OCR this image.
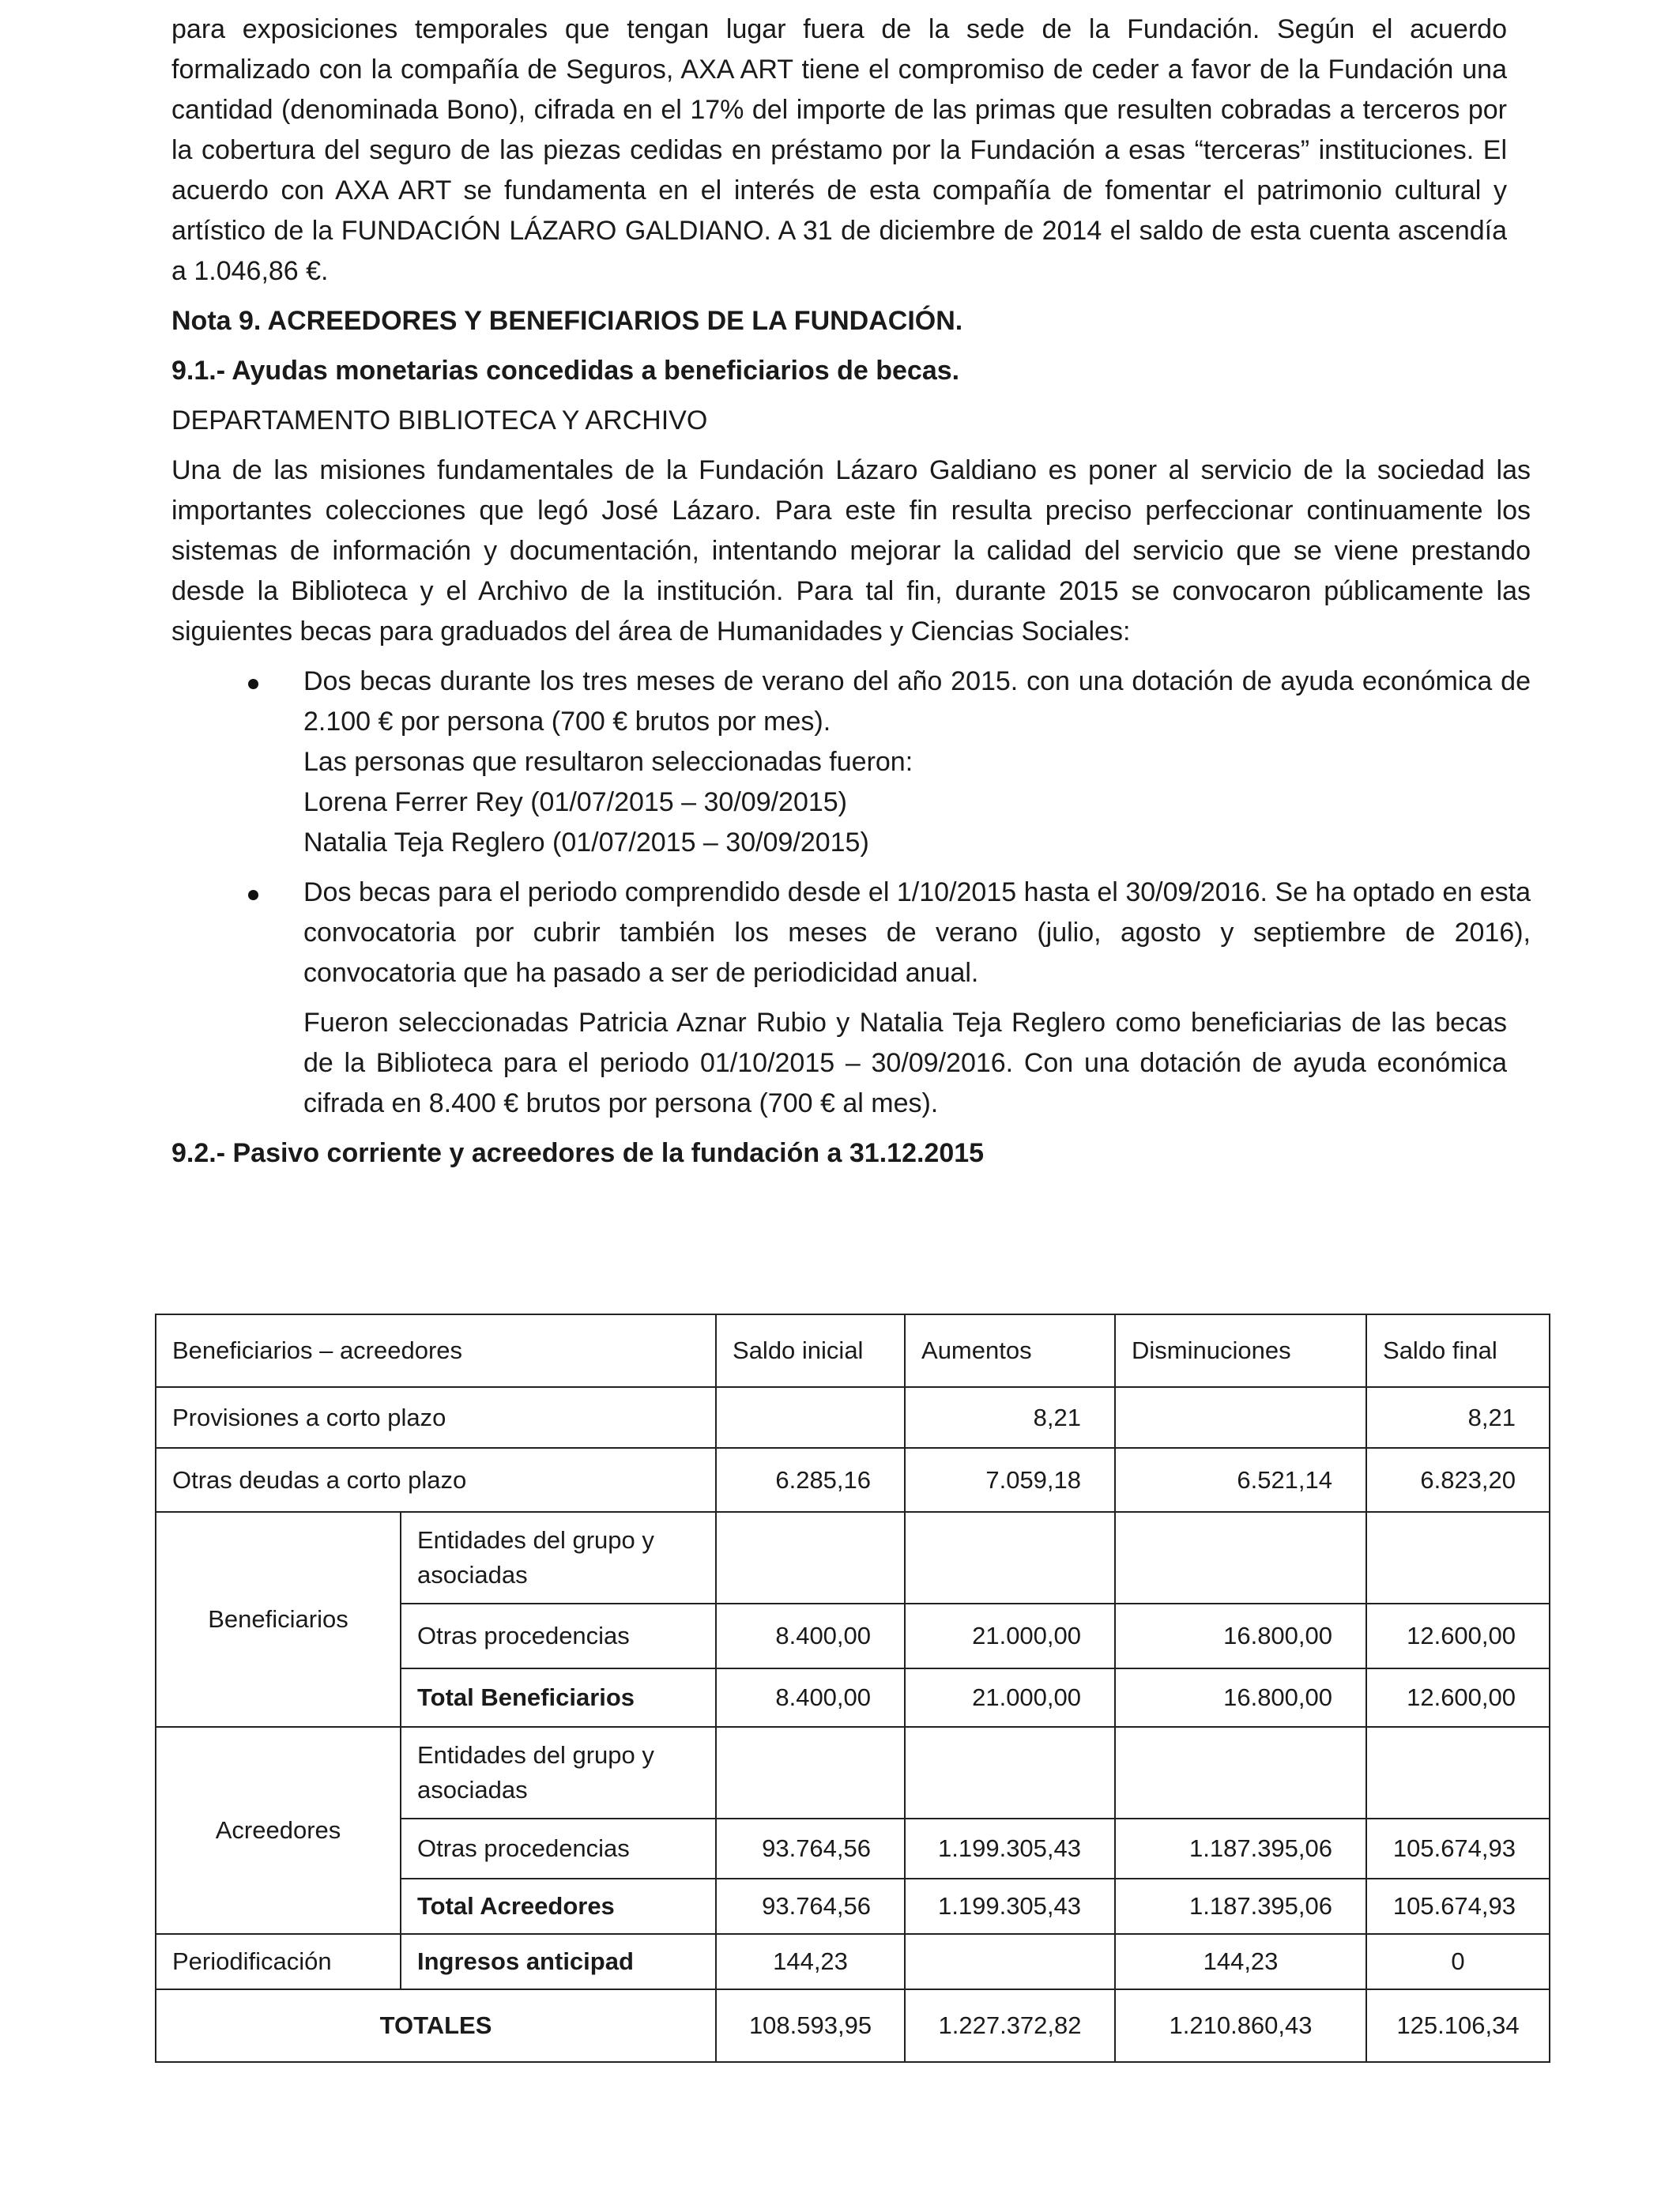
para exposiciones temporales que tengan lugar fuera de la sede de la Fundación. Según el acuerdo formalizado con la compañía de Seguros, AXA ART tiene el compromiso de ceder a favor de la Fundación una cantidad (denominada Bono), cifrada en el 17% del importe de las primas que resulten cobradas a terceros por la cobertura del seguro de las piezas cedidas en préstamo por la Fundación a esas “terceras” instituciones. El acuerdo con AXA ART se fundamenta en el interés de esta compañía de fomentar el patrimonio cultural y artístico de la FUNDACIÓN LÁZARO GALDIANO. A 31 de diciembre de 2014 el saldo de esta cuenta ascendía a 1.046,86 €.

Nota 9. ACREEDORES Y BENEFICIARIOS DE LA FUNDACIÓN.

9.1.- Ayudas monetarias concedidas a beneficiarios de becas.

DEPARTAMENTO BIBLIOTECA Y ARCHIVO

Una de las misiones fundamentales de la Fundación Lázaro Galdiano es poner al servicio de la sociedad las importantes colecciones que legó José Lázaro. Para este fin resulta preciso perfeccionar continuamente los sistemas de información y documentación, intentando mejorar la calidad del servicio que se viene prestando desde la Biblioteca y el Archivo de la institución. Para tal fin, durante 2015 se convocaron públicamente las siguientes becas para graduados del área de Humanidades y Ciencias Sociales:

Dos becas durante los tres meses de verano del año 2015. con una dotación de ayuda económica de 2.100 € por persona (700 € brutos por mes).

Las personas que resultaron seleccionadas fueron:

Lorena Ferrer Rey (01/07/2015 – 30/09/2015)

Natalia Teja Reglero (01/07/2015 – 30/09/2015)

Dos becas para el periodo comprendido desde el 1/10/2015 hasta el 30/09/2016. Se ha optado en esta convocatoria por cubrir también los meses de verano (julio, agosto y septiembre de 2016), convocatoria que ha pasado a ser de periodicidad anual.

Fueron seleccionadas Patricia Aznar Rubio y Natalia Teja Reglero como beneficiarias de las becas de la Biblioteca para el periodo 01/10/2015 – 30/09/2016. Con una dotación de ayuda económica cifrada en 8.400 € brutos por persona (700 € al mes).

9.2.- Pasivo corriente y acreedores de la fundación a 31.12.2015

Beneficiarios – acreedores		Saldo inicial	Aumentos	Disminuciones	Saldo final
Provisiones a corto plazo			8,21		8,21
Otras deudas a corto plazo		6.285,16	7.059,18	6.521,14	6.823,20
Beneficiarios	Entidades del grupo y asociadas				
	Otras procedencias	8.400,00	21.000,00	16.800,00	12.600,00
	Total Beneficiarios	8.400,00	21.000,00	16.800,00	12.600,00
Acreedores	Entidades del grupo y asociadas				
	Otras procedencias	93.764,56	1.199.305,43	1.187.395,06	105.674,93
	Total Acreedores	93.764,56	1.199.305,43	1.187.395,06	105.674,93
Periodificación	Ingresos anticipad	144,23		144,23	0
TOTALES		108.593,95	1.227.372,82	1.210.860,43	125.106,34
